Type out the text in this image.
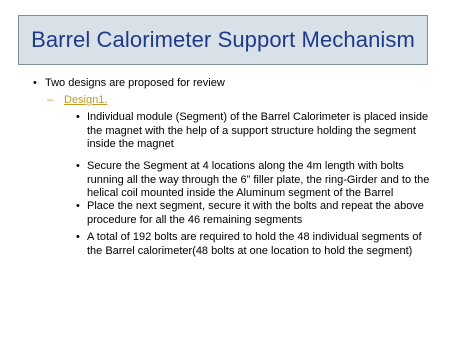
Barrel Calorimeter Support Mechanism
• Two designs are proposed for review
– Design1.
• Individual module (Segment) of the Barrel Calorimeter is placed inside the magnet with the help of a support structure holding the segment inside the magnet
• Secure the Segment at 4 locations along the 4m length with bolts running all the way through the 6” filler plate, the ring-Girder and to the helical coil mounted inside the Aluminum segment of the Barrel
• Place the next segment, secure it with the bolts and repeat the above procedure for all the 46 remaining segments
• A total of 192 bolts are required to hold the 48 individual segments of the Barrel calorimeter(48 bolts at one location to hold the segment)
